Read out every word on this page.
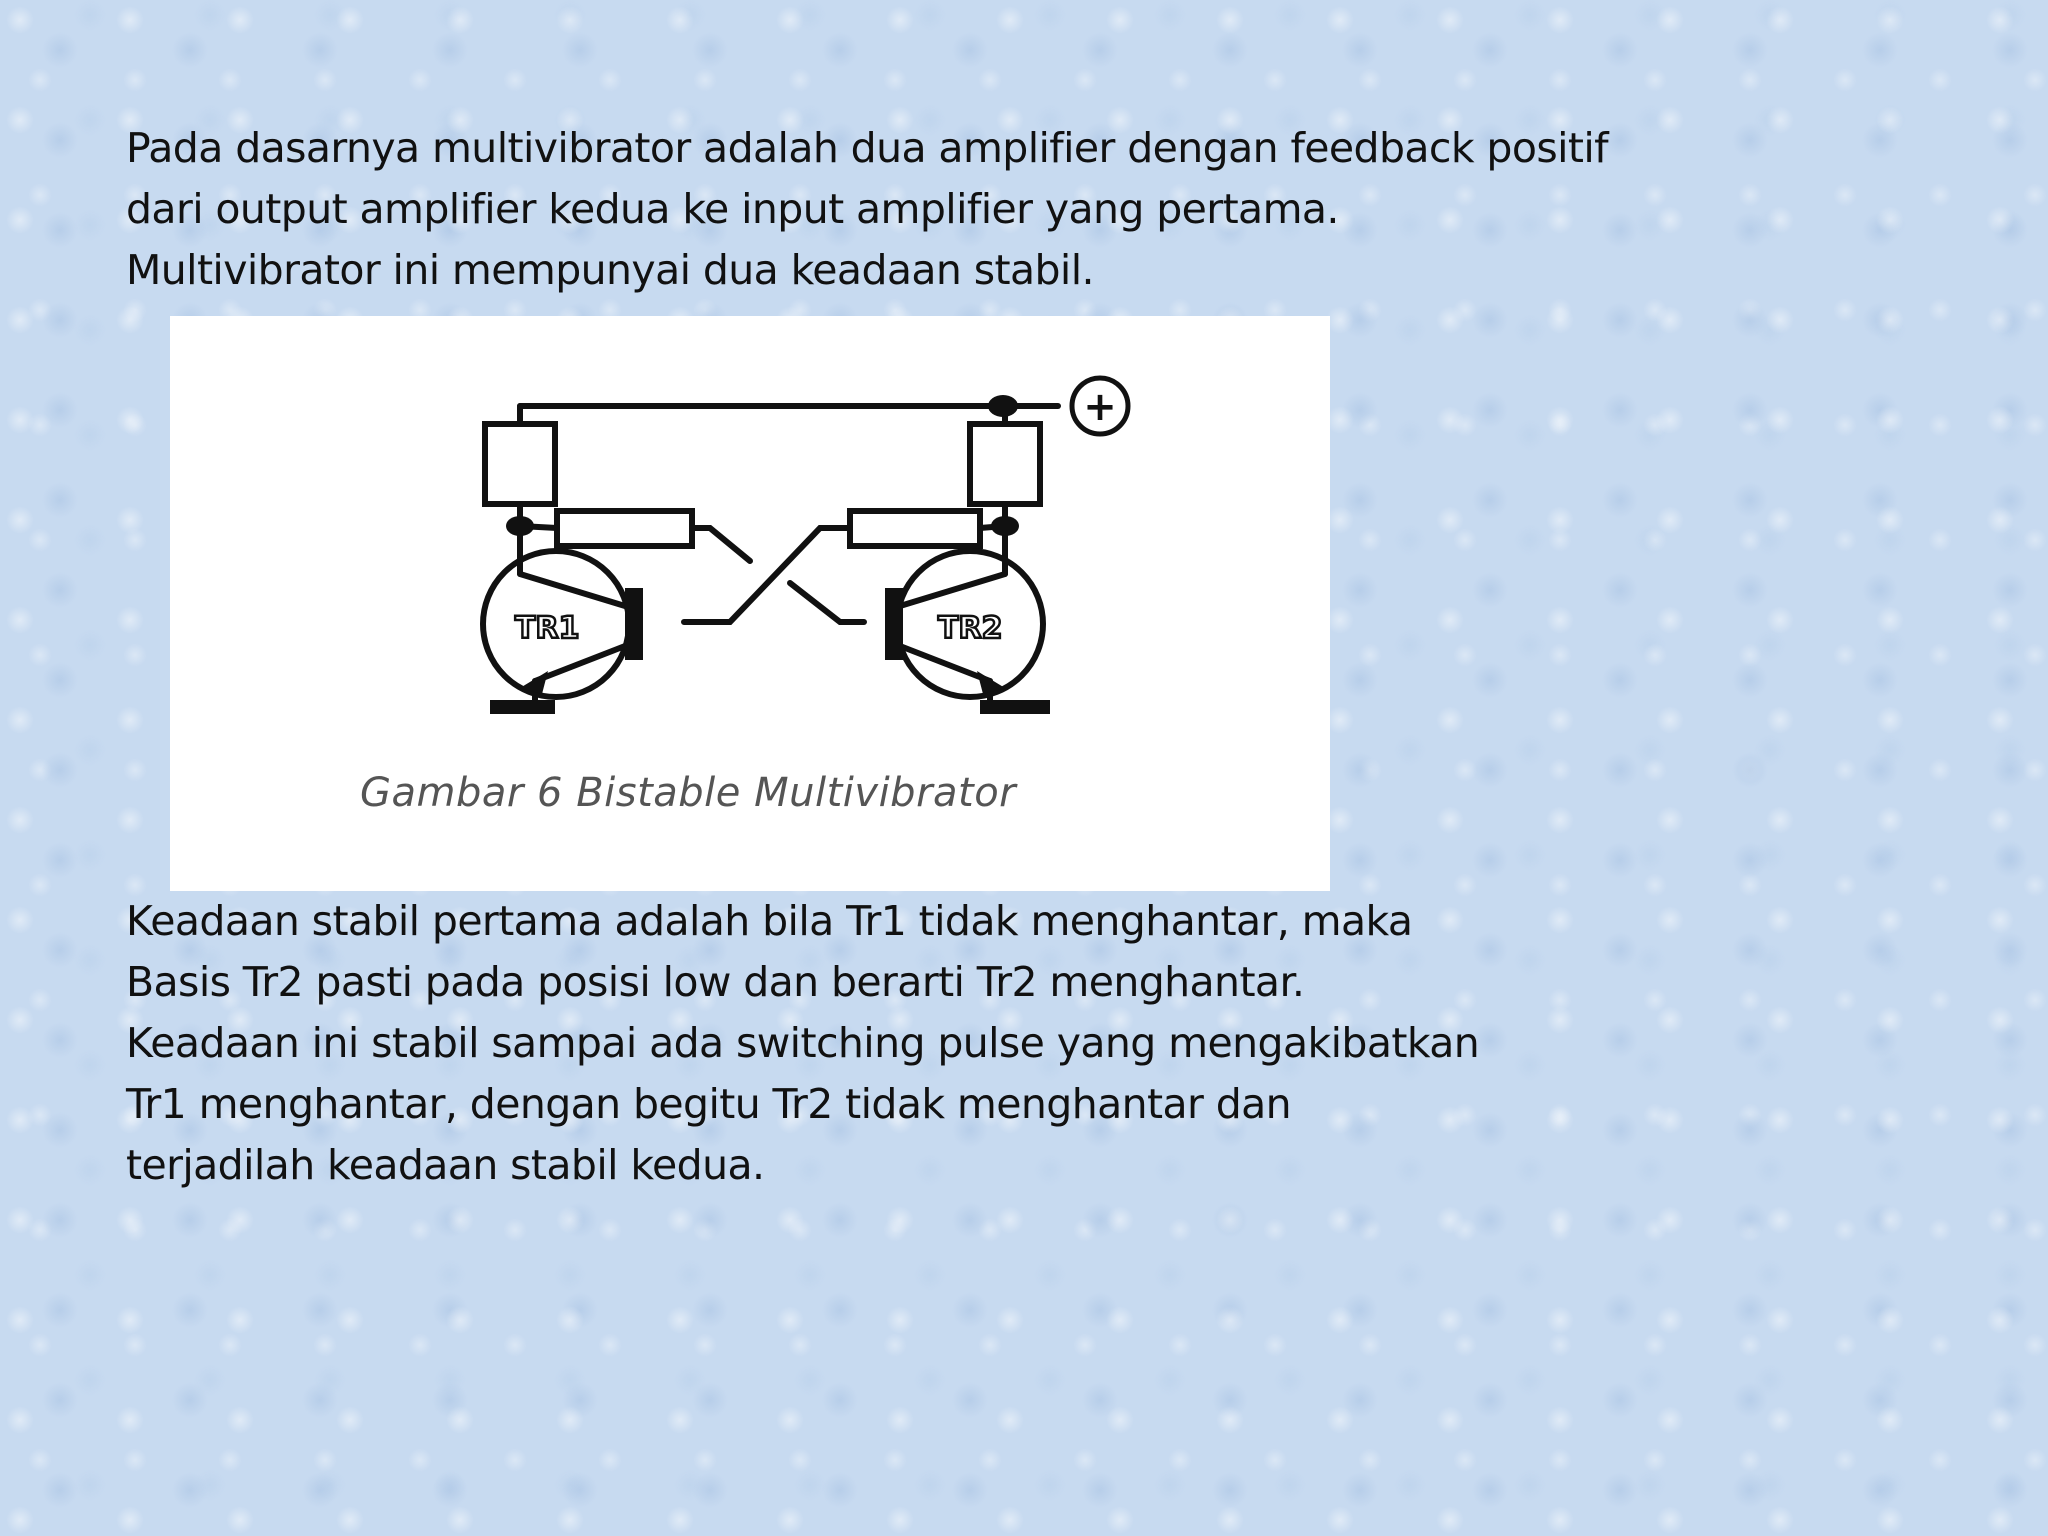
Pada dasarnya multivibrator adalah dua amplifier dengan feedback positif
dari output amplifier kedua ke input amplifier yang pertama.
Multivibrator ini mempunyai dua keadaan stabil.

+
TR1	TR2
Gambar 6 Bistable Multivibrator

Keadaan stabil pertama adalah bila Tr1 tidak menghantar, maka
Basis Tr2 pasti pada posisi low dan berarti Tr2 menghantar.
Keadaan ini stabil sampai ada switching pulse yang mengakibatkan
Tr1 menghantar, dengan begitu Tr2 tidak menghantar dan
terjadilah keadaan stabil kedua.
